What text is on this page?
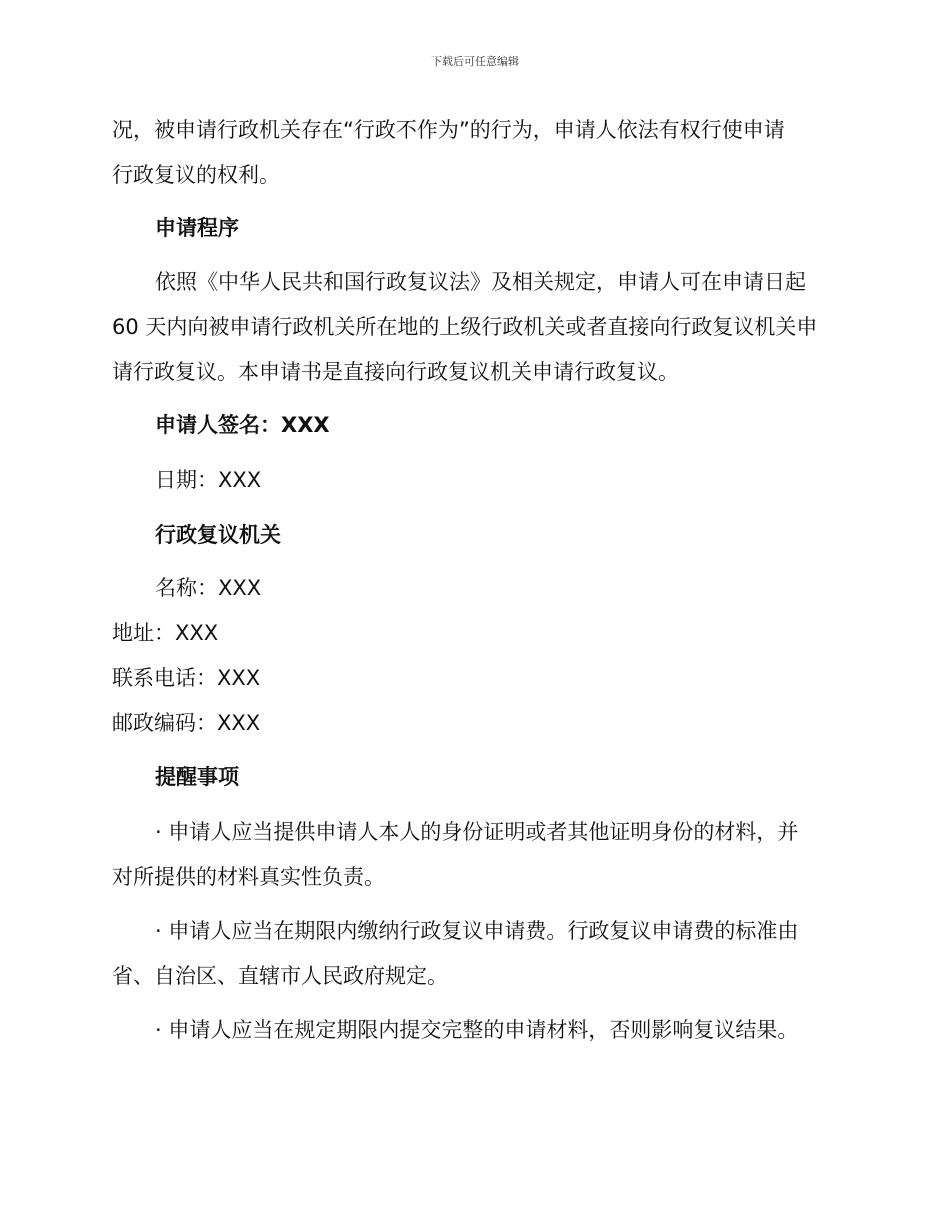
下载后可任意编辑
况，被申请行政机关存在“行政不作为”的行为，申请人依法有权行使申请
行政复议的权利。
申请程序
依照《中华人民共和国行政复议法》及相关规定，申请人可在申请日起
60 天内向被申请行政机关所在地的上级行政机关或者直接向行政复议机关申
请行政复议。本申请书是直接向行政复议机关申请行政复议。
申请人签名：XXX
日期：XXX
行政复议机关
名称：XXX
地址：XXX
联系电话：XXX
邮政编码：XXX
提醒事项
· 申请人应当提供申请人本人的身份证明或者其他证明身份的材料，并
对所提供的材料真实性负责。
· 申请人应当在期限内缴纳行政复议申请费。行政复议申请费的标准由
省、自治区、直辖市人民政府规定。
· 申请人应当在规定期限内提交完整的申请材料，否则影响复议结果。
